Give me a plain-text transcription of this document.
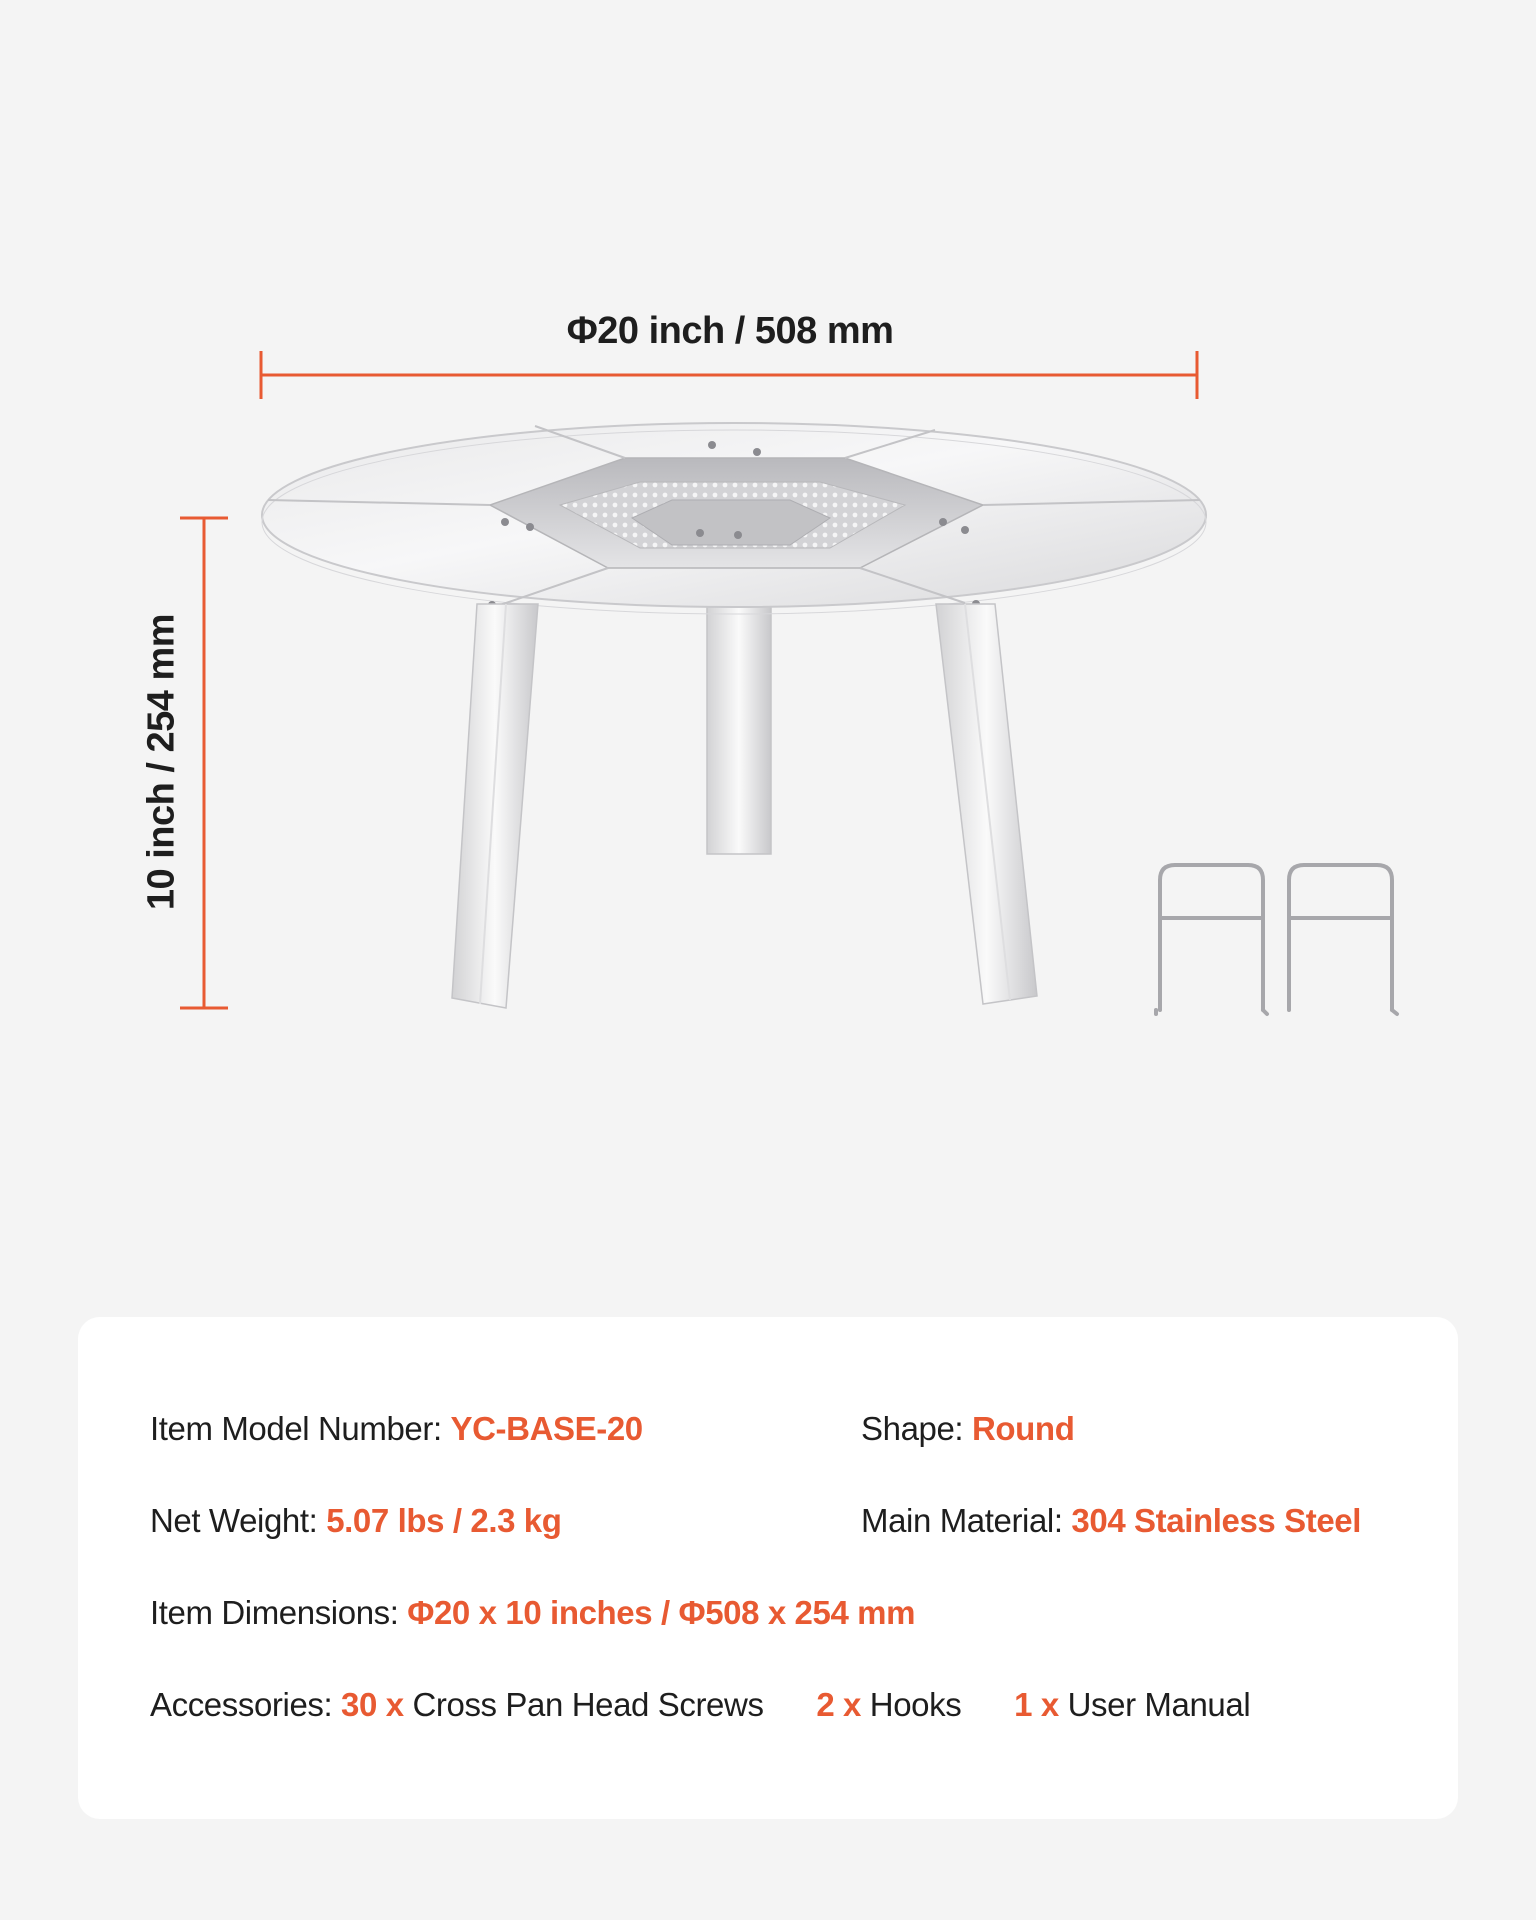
Φ20 inch / 508 mm
10 inch / 254 mm
Item Model Number: YC-BASE-20	Shape: Round
Net Weight: 5.07 lbs / 2.3 kg	Main Material: 304 Stainless Steel
Item Dimensions: Φ20 x 10 inches / Φ508 x 254 mm
Accessories: 30 x Cross Pan Head Screws 2 x Hooks 1 x User Manual
